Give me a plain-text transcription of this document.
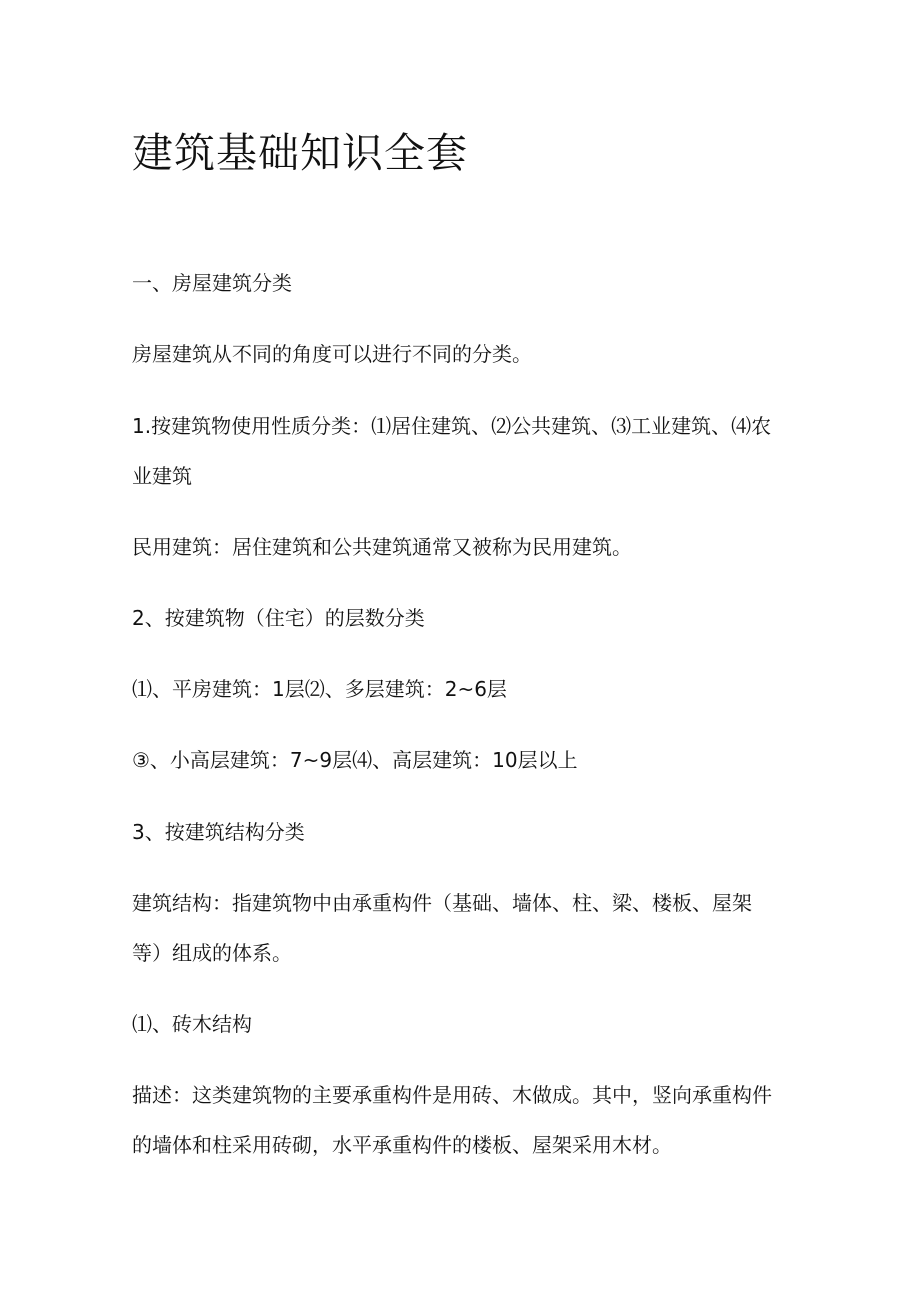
建筑基础知识全套

一、房屋建筑分类

房屋建筑从不同的角度可以进行不同的分类。

1.按建筑物使用性质分类：⑴居住建筑、⑵公共建筑、⑶工业建筑、⑷农

业建筑

民用建筑：居住建筑和公共建筑通常又被称为民用建筑。

2、按建筑物（住宅）的层数分类

⑴、平房建筑：1层⑵、多层建筑：2~6层

③、小高层建筑：7~9层⑷、高层建筑：10层以上

3、按建筑结构分类

建筑结构：指建筑物中由承重构件（基础、墙体、柱、梁、楼板、屋架

等）组成的体系。

⑴、砖木结构

描述：这类建筑物的主要承重构件是用砖、木做成。其中，竖向承重构件

的墙体和柱采用砖砌，水平承重构件的楼板、屋架采用木材。
